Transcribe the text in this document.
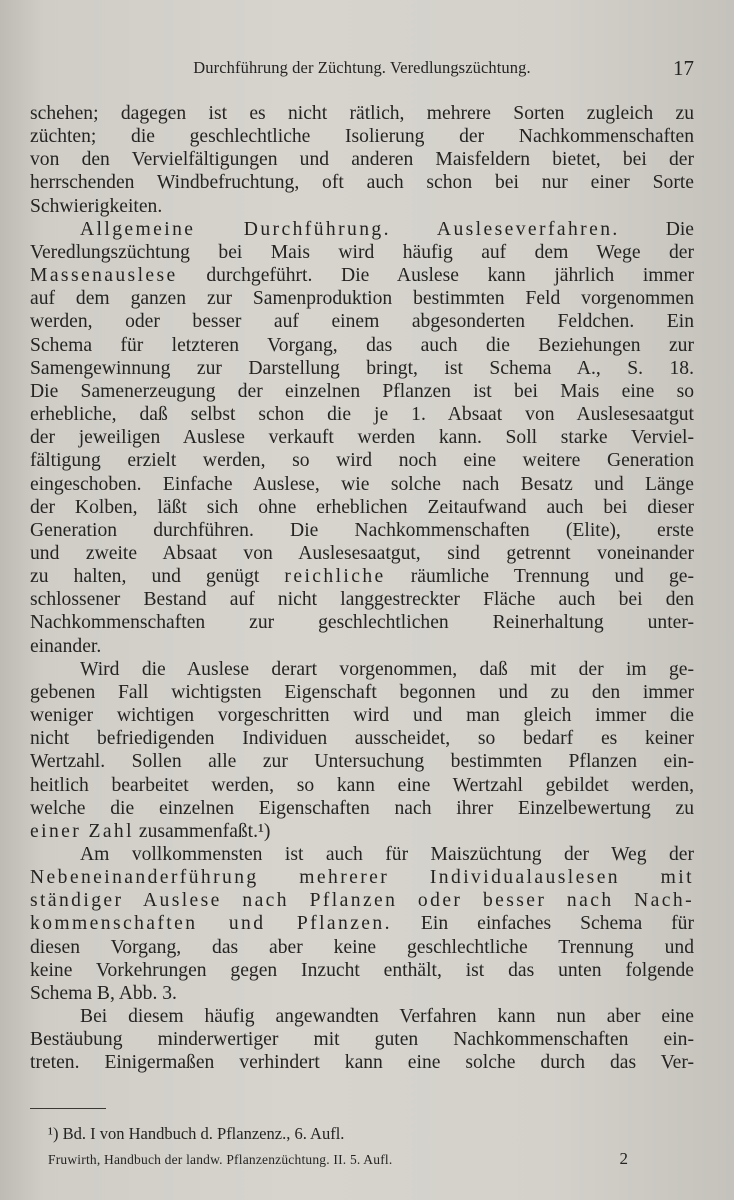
Durchführung der Züchtung. Veredlungszüchtung.	17
schehen; dagegen ist es nicht rätlich, mehrere Sorten zugleich zu
züchten; die geschlechtliche Isolierung der Nachkommenschaften
von den Vervielfältigungen und anderen Maisfeldern bietet, bei der
herrschenden Windbefruchtung, oft auch schon bei nur einer Sorte
Schwierigkeiten.
Allgemeine Durchführung. Ausleseverfahren. Die
Veredlungszüchtung bei Mais wird häufig auf dem Wege der
Massenauslese durchgeführt. Die Auslese kann jährlich immer
auf dem ganzen zur Samenproduktion bestimmten Feld vorgenommen
werden, oder besser auf einem abgesonderten Feldchen. Ein
Schema für letzteren Vorgang, das auch die Beziehungen zur
Samengewinnung zur Darstellung bringt, ist Schema A., S. 18.
Die Samenerzeugung der einzelnen Pflanzen ist bei Mais eine so
erhebliche, daß selbst schon die je 1. Absaat von Auslesesaatgut
der jeweiligen Auslese verkauft werden kann. Soll starke Verviel-
fältigung erzielt werden, so wird noch eine weitere Generation
eingeschoben. Einfache Auslese, wie solche nach Besatz und Länge
der Kolben, läßt sich ohne erheblichen Zeitaufwand auch bei dieser
Generation durchführen. Die Nachkommenschaften (Elite), erste
und zweite Absaat von Auslesesaatgut, sind getrennt voneinander
zu halten, und genügt reichliche räumliche Trennung und ge-
schlossener Bestand auf nicht langgestreckter Fläche auch bei den
Nachkommenschaften zur geschlechtlichen Reinerhaltung unter-
einander.
Wird die Auslese derart vorgenommen, daß mit der im ge-
gebenen Fall wichtigsten Eigenschaft begonnen und zu den immer
weniger wichtigen vorgeschritten wird und man gleich immer die
nicht befriedigenden Individuen ausscheidet, so bedarf es keiner
Wertzahl. Sollen alle zur Untersuchung bestimmten Pflanzen ein-
heitlich bearbeitet werden, so kann eine Wertzahl gebildet werden,
welche die einzelnen Eigenschaften nach ihrer Einzelbewertung zu
einer Zahl zusammenfaßt.¹)
Am vollkommensten ist auch für Maiszüchtung der Weg der
Nebeneinanderführung mehrerer Individualauslesen mit
ständiger Auslese nach Pflanzen oder besser nach Nach-
kommenschaften und Pflanzen. Ein einfaches Schema für
diesen Vorgang, das aber keine geschlechtliche Trennung und
keine Vorkehrungen gegen Inzucht enthält, ist das unten folgende
Schema B, Abb. 3.
Bei diesem häufig angewandten Verfahren kann nun aber eine
Bestäubung minderwertiger mit guten Nachkommenschaften ein-
treten. Einigermaßen verhindert kann eine solche durch das Ver-
¹) Bd. I von Handbuch d. Pflanzenz., 6. Aufl.
Fruwirth, Handbuch der landw. Pflanzenzüchtung. II. 5. Aufl.	2
